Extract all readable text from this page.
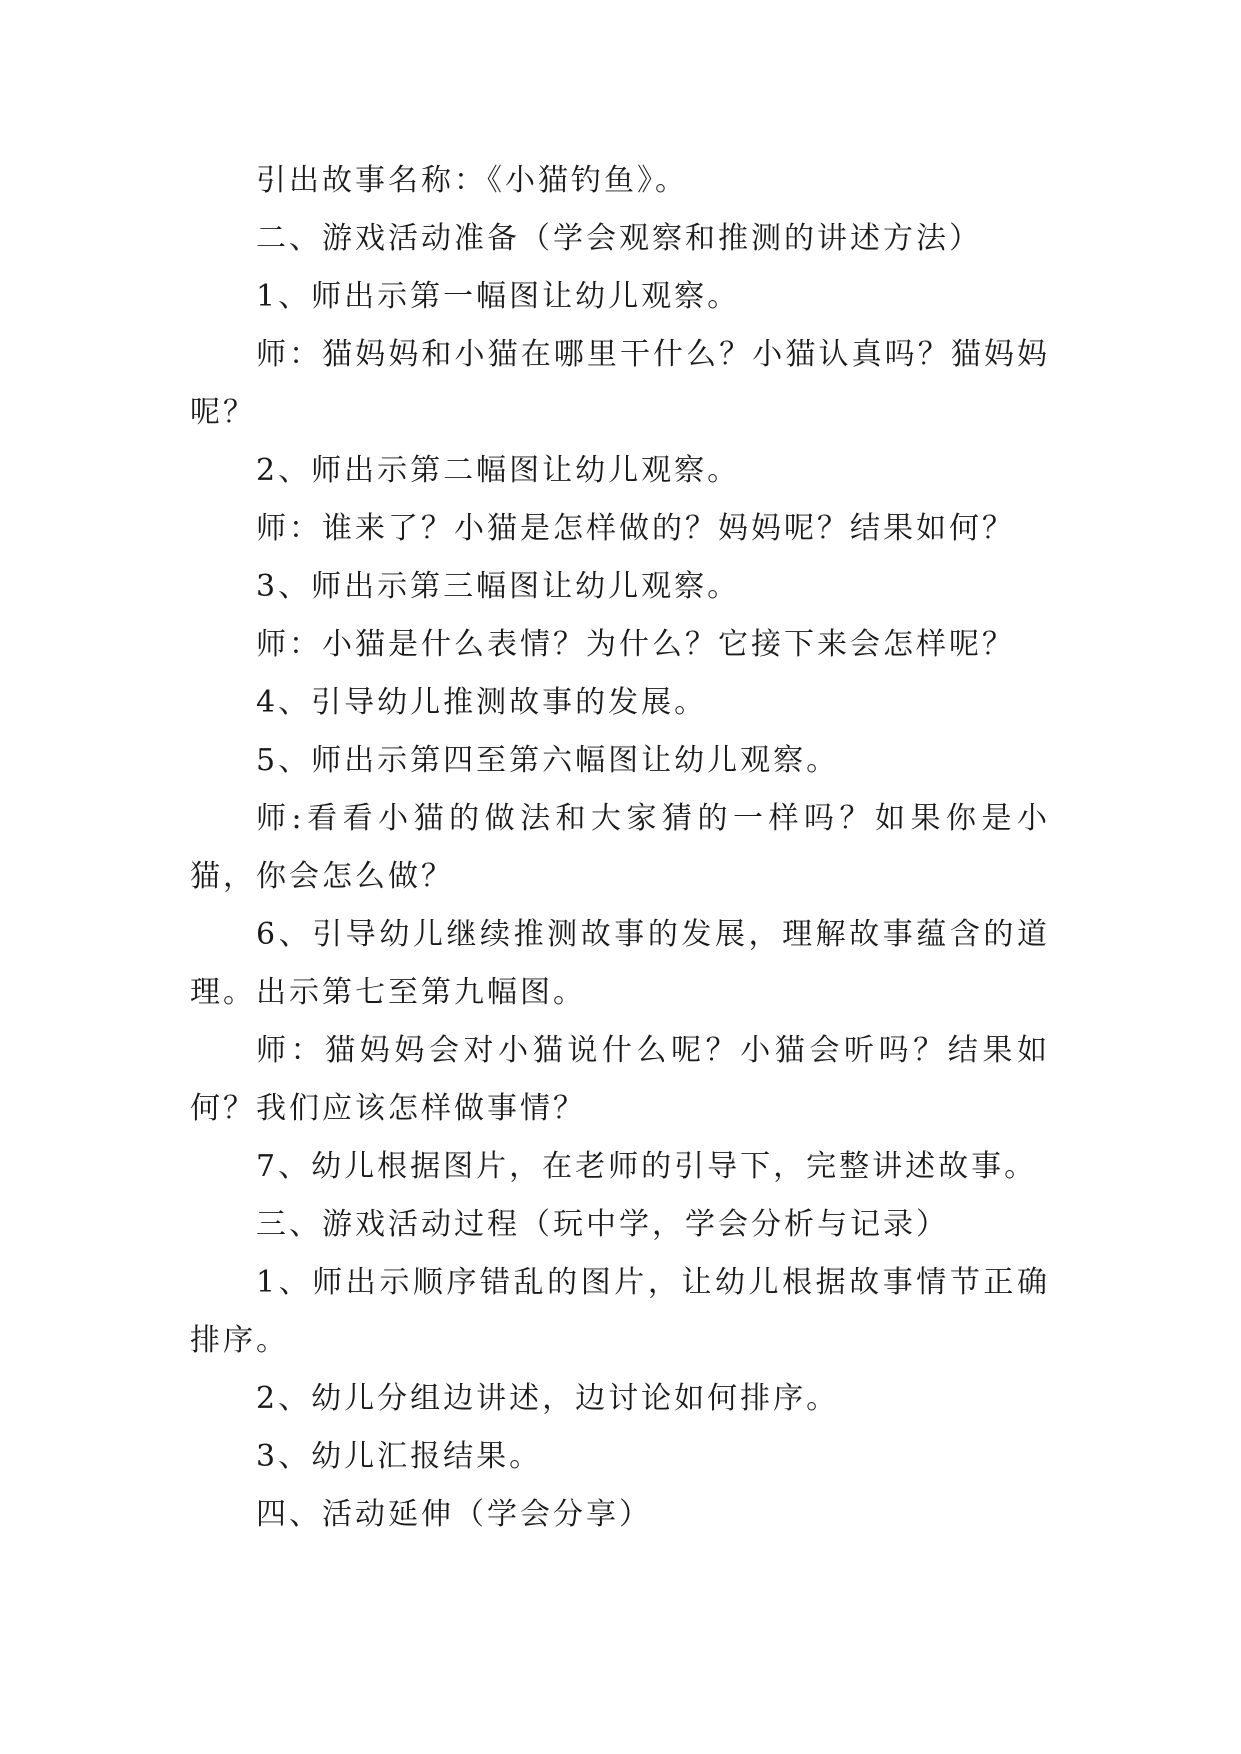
引出故事名称：《小猫钓鱼》。

二、游戏活动准备（学会观察和推测的讲述方法）

1、师出示第一幅图让幼儿观察。

师：猫妈妈和小猫在哪里干什么？小猫认真吗？猫妈妈呢？

2、师出示第二幅图让幼儿观察。

师：谁来了？小猫是怎样做的？妈妈呢？结果如何？

3、师出示第三幅图让幼儿观察。

师：小猫是什么表情？为什么？它接下来会怎样呢？

4、引导幼儿推测故事的发展。

5、师出示第四至第六幅图让幼儿观察。

师:看看小猫的做法和大家猜的一样吗？如果你是小猫，你会怎么做？

6、引导幼儿继续推测故事的发展，理解故事蕴含的道理。出示第七至第九幅图。

师：猫妈妈会对小猫说什么呢？小猫会听吗？结果如何？我们应该怎样做事情？

7、幼儿根据图片，在老师的引导下，完整讲述故事。

三、游戏活动过程（玩中学，学会分析与记录）

1、师出示顺序错乱的图片，让幼儿根据故事情节正确排序。

2、幼儿分组边讲述，边讨论如何排序。

3、幼儿汇报结果。

四、活动延伸（学会分享）
